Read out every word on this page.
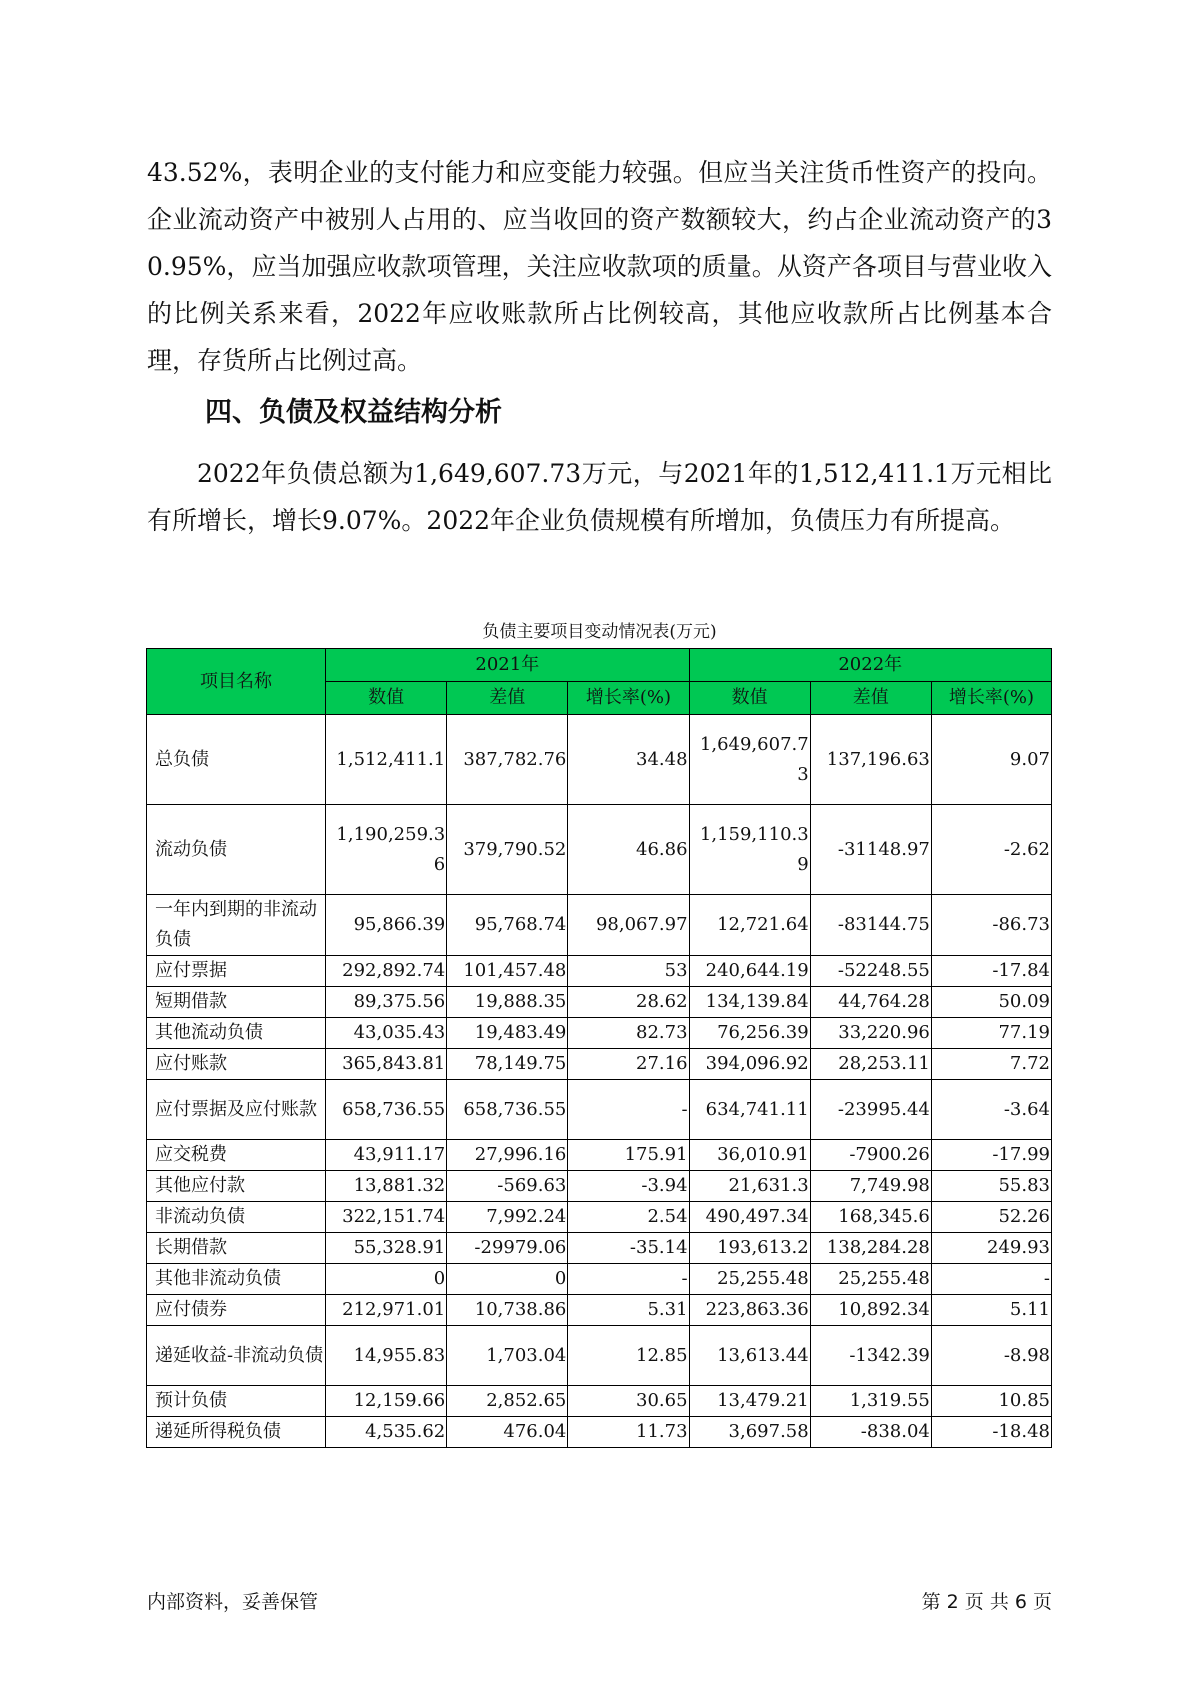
43.52%，表明企业的支付能力和应变能力较强。但应当关注货币性资产的投向。企业流动资产中被别人占用的、应当收回的资产数额较大，约占企业流动资产的30.95%，应当加强应收款项管理，关注应收款项的质量。从资产各项目与营业收入的比例关系来看，2022年应收账款所占比例较高，其他应收款所占比例基本合理，存货所占比例过高。

四、负债及权益结构分析

2022年负债总额为1,649,607.73万元，与2021年的1,512,411.1万元相比有所增长，增长9.07%。2022年企业负债规模有所增加，负债压力有所提高。

负债主要项目变动情况表(万元)

项目名称	2021年			2022年		
	数值	差值	增长率(%)	数值	差值	增长率(%)
总负债	1,512,411.1	387,782.76	34.48	1,649,607.73	137,196.63	9.07
流动负债	1,190,259.36	379,790.52	46.86	1,159,110.39	-31148.97	-2.62
一年内到期的非流动负债	95,866.39	95,768.74	98,067.97	12,721.64	-83144.75	-86.73
应付票据	292,892.74	101,457.48	53	240,644.19	-52248.55	-17.84
短期借款	89,375.56	19,888.35	28.62	134,139.84	44,764.28	50.09
其他流动负债	43,035.43	19,483.49	82.73	76,256.39	33,220.96	77.19
应付账款	365,843.81	78,149.75	27.16	394,096.92	28,253.11	7.72
应付票据及应付账款	658,736.55	658,736.55	-	634,741.11	-23995.44	-3.64
应交税费	43,911.17	27,996.16	175.91	36,010.91	-7900.26	-17.99
其他应付款	13,881.32	-569.63	-3.94	21,631.3	7,749.98	55.83
非流动负债	322,151.74	7,992.24	2.54	490,497.34	168,345.6	52.26
长期借款	55,328.91	-29979.06	-35.14	193,613.2	138,284.28	249.93
其他非流动负债	0	0	-	25,255.48	25,255.48	-
应付债券	212,971.01	10,738.86	5.31	223,863.36	10,892.34	5.11
递延收益-非流动负债	14,955.83	1,703.04	12.85	13,613.44	-1342.39	-8.98
预计负债	12,159.66	2,852.65	30.65	13,479.21	1,319.55	10.85
递延所得税负债	4,535.62	476.04	11.73	3,697.58	-838.04	-18.48

内部资料，妥善保管	第 2 页 共 6 页
